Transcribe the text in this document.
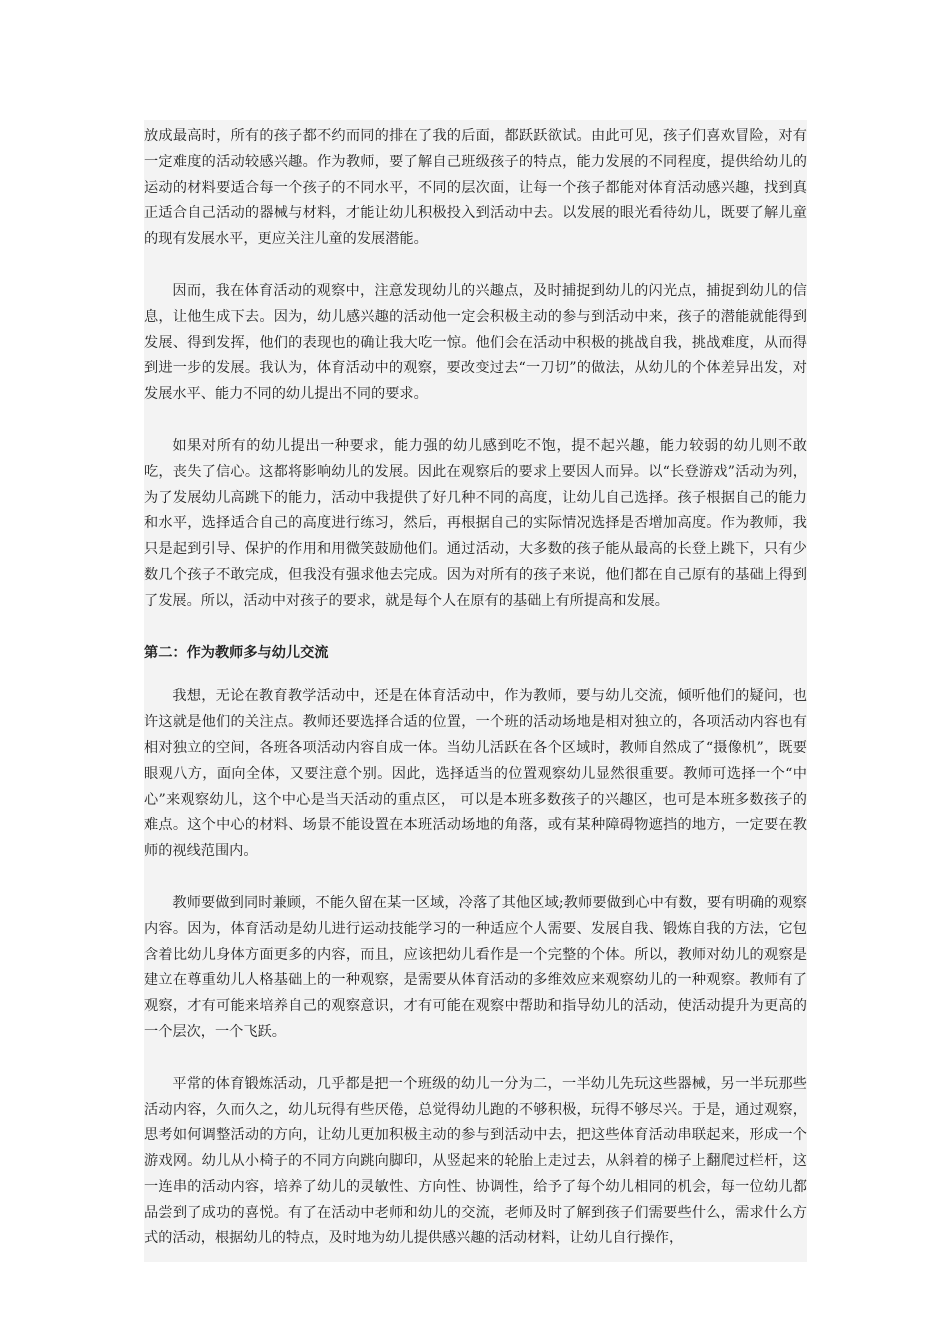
放成最高时，所有的孩子都不约而同的排在了我的后面，都跃跃欲试。由此可见，孩子们喜欢冒险，对有一定难度的活动较感兴趣。作为教师，要了解自己班级孩子的特点，能力发展的不同程度，提供给幼儿的运动的材料要适合每一个孩子的不同水平，不同的层次面，让每一个孩子都能对体育活动感兴趣，找到真正适合自己活动的器械与材料，才能让幼儿积极投入到活动中去。以发展的眼光看待幼儿，既要了解儿童的现有发展水平，更应关注儿童的发展潜能。

因而，我在体育活动的观察中，注意发现幼儿的兴趣点，及时捕捉到幼儿的闪光点，捕捉到幼儿的信息，让他生成下去。因为，幼儿感兴趣的活动他一定会积极主动的参与到活动中来，孩子的潜能就能得到发展、得到发挥，他们的表现也的确让我大吃一惊。他们会在活动中积极的挑战自我，挑战难度，从而得到进一步的发展。我认为，体育活动中的观察，要改变过去“一刀切”的做法，从幼儿的个体差异出发，对发展水平、能力不同的幼儿提出不同的要求。

如果对所有的幼儿提出一种要求，能力强的幼儿感到吃不饱，提不起兴趣，能力较弱的幼儿则不敢吃，丧失了信心。这都将影响幼儿的发展。因此在观察后的要求上要因人而异。以“长登游戏”活动为列，为了发展幼儿高跳下的能力，活动中我提供了好几种不同的高度，让幼儿自己选择。孩子根据自己的能力和水平，选择适合自己的高度进行练习，然后，再根据自己的实际情况选择是否增加高度。作为教师，我只是起到引导、保护的作用和用微笑鼓励他们。通过活动，大多数的孩子能从最高的长登上跳下，只有少数几个孩子不敢完成，但我没有强求他去完成。因为对所有的孩子来说，他们都在自己原有的基础上得到了发展。所以，活动中对孩子的要求，就是每个人在原有的基础上有所提高和发展。

第二：作为教师多与幼儿交流

我想，无论在教育教学活动中，还是在体育活动中，作为教师，要与幼儿交流，倾听他们的疑问，也许这就是他们的关注点。教师还要选择合适的位置，一个班的活动场地是相对独立的，各项活动内容也有相对独立的空间，各班各项活动内容自成一体。当幼儿活跃在各个区域时，教师自然成了“摄像机”，既要眼观八方，面向全体，又要注意个别。因此，选择适当的位置观察幼儿显然很重要。教师可选择一个“中心”来观察幼儿，这个中心是当天活动的重点区， 可以是本班多数孩子的兴趣区，也可是本班多数孩子的难点。这个中心的材料、场景不能设置在本班活动场地的角落，或有某种障碍物遮挡的地方，一定要在教师的视线范围内。

教师要做到同时兼顾，不能久留在某一区域，冷落了其他区域;教师要做到心中有数，要有明确的观察内容。因为，体育活动是幼儿进行运动技能学习的一种适应个人需要、发展自我、锻炼自我的方法，它包含着比幼儿身体方面更多的内容，而且，应该把幼儿看作是一个完整的个体。所以，教师对幼儿的观察是建立在尊重幼儿人格基础上的一种观察，是需要从体育活动的多维效应来观察幼儿的一种观察。教师有了观察，才有可能来培养自己的观察意识，才有可能在观察中帮助和指导幼儿的活动，使活动提升为更高的一个层次，一个飞跃。

平常的体育锻炼活动，几乎都是把一个班级的幼儿一分为二，一半幼儿先玩这些器械，另一半玩那些活动内容，久而久之，幼儿玩得有些厌倦，总觉得幼儿跑的不够积极，玩得不够尽兴。于是，通过观察，思考如何调整活动的方向，让幼儿更加积极主动的参与到活动中去，把这些体育活动串联起来，形成一个游戏网。幼儿从小椅子的不同方向跳向脚印，从竖起来的轮胎上走过去，从斜着的梯子上翻爬过栏杆，这一连串的活动内容，培养了幼儿的灵敏性、方向性、协调性，给予了每个幼儿相同的机会，每一位幼儿都品尝到了成功的喜悦。有了在活动中老师和幼儿的交流，老师及时了解到孩子们需要些什么，需求什么方式的活动，根据幼儿的特点，及时地为幼儿提供感兴趣的活动材料，让幼儿自行操作，
